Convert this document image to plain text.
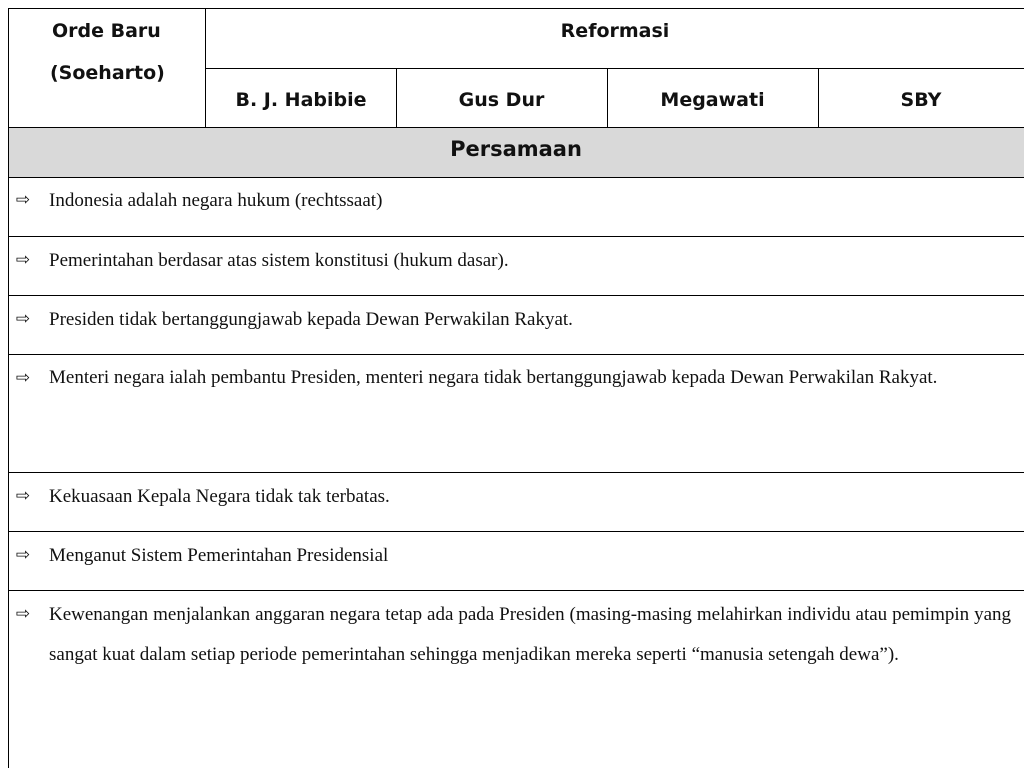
Orde Baru
(Soeharto)
Reformasi
B. J. Habibie	Gus Dur	Megawati	SBY
Persamaan
⇨ Indonesia adalah negara hukum (rechtssaat)
⇨ Pemerintahan berdasar atas sistem konstitusi (hukum dasar).
⇨ Presiden tidak bertanggungjawab kepada Dewan Perwakilan Rakyat.
⇨ Menteri negara ialah pembantu Presiden, menteri negara tidak bertanggungjawab kepada Dewan Perwakilan Rakyat.
⇨ Kekuasaan Kepala Negara tidak tak terbatas.
⇨ Menganut Sistem Pemerintahan Presidensial
⇨ Kewenangan menjalankan anggaran negara tetap ada pada Presiden (masing-masing melahirkan individu atau pemimpin yang sangat kuat dalam setiap periode pemerintahan sehingga menjadikan mereka seperti “manusia setengah dewa”).
